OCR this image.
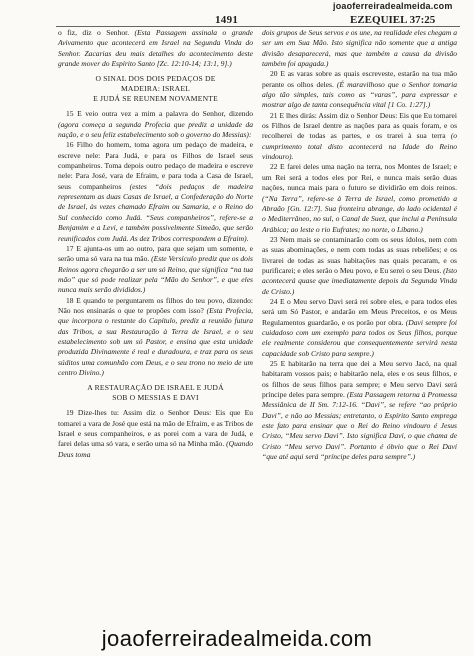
joaoferreiradealmeida.com
1491	EZEQUIEL 37:25

o fiz, diz o Senhor. (Esta Passagem assinala o grande Avivamento que acontecerá em Israel na Segunda Vinda do Senhor. Zacarias deu mais detalhes do acontecimento deste grande mover do Espírito Santo [Zc. 12:10-14; 13:1, 9].)

O SINAL DOS DOIS PEDAÇOS DE
MADEIRA: ISRAEL
E JUDÁ SE REUNEM NOVAMENTE

15 E veio outra vez a mim a palavra do Senhor, dizendo (agora começa a segunda Profecia que prediz a unidade da nação, e o seu feliz estabelecimento sob o governo do Messias):

16 Filho do homem, toma agora um pedaço de madeira, e escreve nele: Para Judá, e para os Filhos de Israel seus companheiros. Toma depois outro pedaço de madeira e escreve nele: Para José, vara de Efraim, e para toda a Casa de Israel, seus companheiros (estes “dois pedaços de madeira representam as duas Casas de Israel, a Confederação do Norte de Israel, às vezes chamado Efraim ou Samaria, e o Reino do Sul conhecido como Judá. “Seus companheiros”, refere-se a Benjamim e a Levi, e também possivelmente Simeão, que serão reunificados com Judá. As dez Tribos correspondem a Efraim).

17 E ajunta-os um ao outro, para que sejam um somente, e serão uma só vara na tua mão. (Este Versículo prediz que os dois Reinos agora chegarão a ser um só Reino, que significa “na tua mão” que só pode realizar pela “Mão do Senhor”, e que eles nunca mais serão divididos.)

18 E quando te perguntarem os filhos do teu povo, dizendo: Não nos ensinarás o que te propões com isso? (Esta Profecia, que incorpora o restante do Capítulo, prediz a reunião futura das Tribos, a sua Restauração à Terra de Israel, e o seu estabelecimento sob um só Pastor, e ensina que esta unidade produzida Divinamente é real e duradoura, e traz para os seus súditos uma comunhão com Deus, e o seu trono no meio de um centro Divino.)

A RESTAURAÇÃO DE ISRAEL E JUDÁ
SOB O MESSIAS E DAVI

19 Dize-lhes tu: Assim diz o Senhor Deus: Eis que Eu tomarei a vara de José que está na mão de Efraim, e as Tribos de Israel e seus companheiros, e as porei com a vara de Judá, e farei delas uma só vara, e serão uma só na Minha mão. (Quando Deus toma

dois grupos de Seus servos e os une, na realidade eles chegam a ser um em Sua Mão. Isto significa não somente que a antiga divisão desaparecerá, mas que também a causa da divisão também foi apagada.)

20 E as varas sobre as quais escreveste, estarão na tua mão perante os olhos deles. (É maravilhoso que o Senhor tomaria algo tão simples, tais como as “varas”, para expressar e mostrar algo de tanta consequência vital [1 Co. 1:27].)

21 E lhes dirás: Assim diz o Senhor Deus: Eis que Eu tomarei os Filhos de Israel dentre as nações para as quais foram, e os recolherei de todas as partes, e os trarei à sua terra (o cumprimento total disto acontecerá na Idade do Reino vindouro).

22 E farei deles uma nação na terra, nos Montes de Israel; e um Rei será a todos eles por Rei, e nunca mais serão duas nações, nunca mais para o futuro se dividirão em dois reinos. (“Na Terra”, refere-se à Terra de Israel, como prometido a Abraão [Gn. 12:7]. Sua fronteira abrange, do lado ocidental é o Mediterrâneo, no sul, o Canal de Suez, que inclui a Península Arábica; ao leste o rio Eufrates; no norte, o Líbano.)

23 Nem mais se contaminarão com os seus ídolos, nem com as suas abominações, e nem com todas as suas rebeliões; e os livrarei de todas as suas habitações nas quais pecaram, e os purificarei; e eles serão o Meu povo, e Eu serei o seu Deus. (Isto acontecerá quase que imediatamente depois da Segunda Vinda de Cristo.)

24 E o Meu servo Davi será rei sobre eles, e para todos eles será um Só Pastor, e andarão em Meus Preceitos, e os Meus Regulamentos guardarão, e os porão por obra. (Davi sempre foi cuidadoso com um exemplo para todos os Seus filhos, porque ele realmente considerou que consequentemente servirá nesta capacidade sob Cristo para sempre.)

25 E habitarão na terra que dei a Meu servo Jacó, na qual habitaram vossos pais; e habitarão nela, eles e os seus filhos, e os filhos de seus filhos para sempre; e Meu servo Davi será príncipe deles para sempre. (Esta Passagem retorna à Promessa Messiânica de II Sm. 7:12-16. “Davi”, se refere “ao próprio Davi”, e não ao Messias; entretanto, o Espírito Santo emprega este fato para ensinar que o Rei do Reino vindouro é Jesus Cristo, “Meu servo Davi”. Isto significa Davi, o que chama de Cristo “Meu servo Davi”. Portanto é óbvio que o Rei Davi “que até aqui será “príncipe deles para sempre”.)

joaoferreiradealmeida.com
